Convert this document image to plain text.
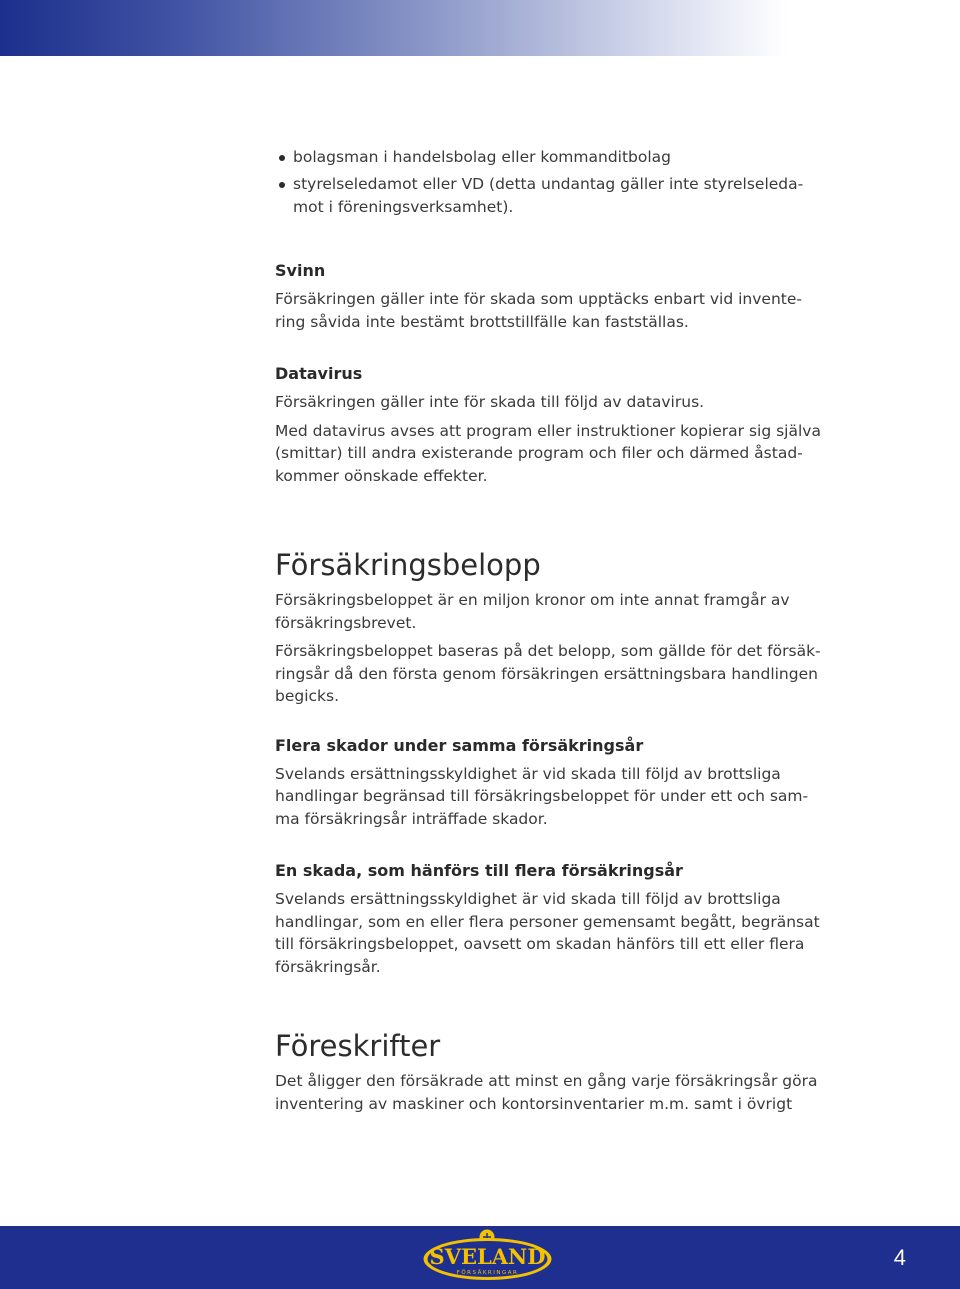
bolagsman i handelsbolag eller kommanditbolag
styrelseledamot eller VD (detta undantag gäller inte styrelseleda-
mot i föreningsverksamhet).
Svinn

Försäkringen gäller inte för skada som upptäcks enbart vid invente-
ring såvida inte bestämt brottstillfälle kan fastställas.

Datavirus

Försäkringen gäller inte för skada till följd av datavirus.

Med datavirus avses att program eller instruktioner kopierar sig själva
(smittar) till andra existerande program och filer och därmed åstad-
kommer oönskade effekter.

Försäkringsbelopp

Försäkringsbeloppet är en miljon kronor om inte annat framgår av
försäkringsbrevet.

Försäkringsbeloppet baseras på det belopp, som gällde för det försäk-
ringsår då den första genom försäkringen ersättningsbara handlingen
begicks.

Flera skador under samma försäkringsår

Svelands ersättningsskyldighet är vid skada till följd av brottsliga
handlingar begränsad till försäkringsbeloppet för under ett och sam-
ma försäkringsår inträffade skador.

En skada, som hänförs till flera försäkringsår

Svelands ersättningsskyldighet är vid skada till följd av brottsliga
handlingar, som en eller flera personer gemensamt begått, begränsat
till försäkringsbeloppet, oavsett om skadan hänförs till ett eller flera
försäkringsår.

Föreskrifter

Det åligger den försäkrade att minst en gång varje försäkringsår göra
inventering av maskiner och kontorsinventarier m.m. samt i övrigt

SVELAND
FÖRSÄKRINGAR
4
